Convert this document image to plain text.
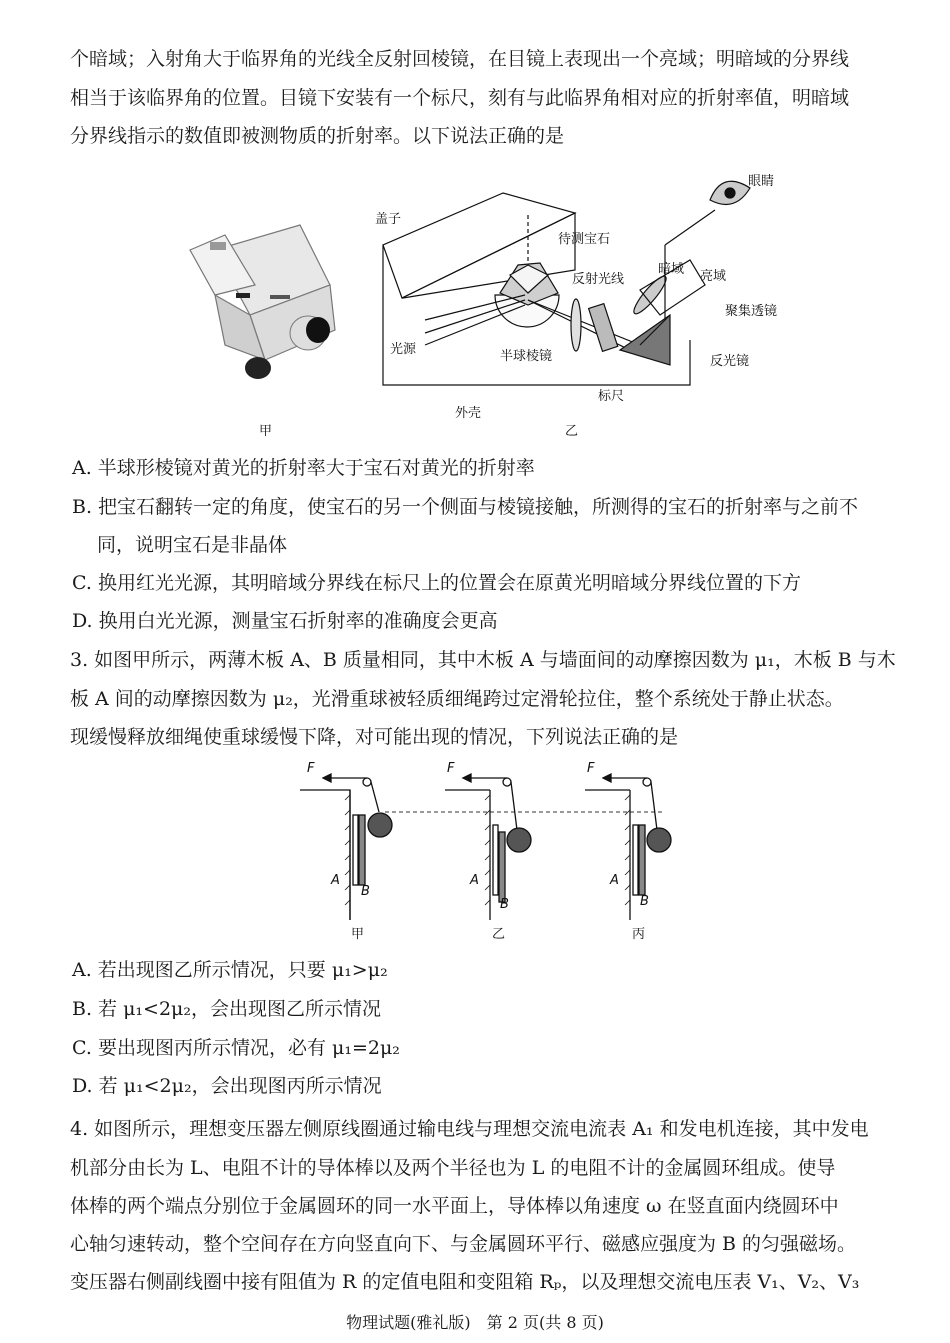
个暗域；入射角大于临界角的光线全反射回棱镜，在目镜上表现出一个亮域；明暗域的分界线
相当于该临界角的位置。目镜下安装有一个标尺，刻有与此临界角相对应的折射率值，明暗域
分界线指示的数值即被测物质的折射率。以下说法正确的是
甲
盖子
待测宝石
反射光线
暗域 亮域
眼睛
聚集透镜
光源	半球棱镜	反光镜
标尺
外壳
乙
A. 半球形棱镜对黄光的折射率大于宝石对黄光的折射率
B. 把宝石翻转一定的角度，使宝石的另一个侧面与棱镜接触，所测得的宝石的折射率与之前不
同，说明宝石是非晶体
C. 换用红光光源，其明暗域分界线在标尺上的位置会在原黄光明暗域分界线位置的下方
D. 换用白光光源，测量宝石折射率的准确度会更高
3. 如图甲所示，两薄木板 A、B 质量相同，其中木板 A 与墙面间的动摩擦因数为 μ₁，木板 B 与木
板 A 间的动摩擦因数为 μ₂，光滑重球被轻质细绳跨过定滑轮拉住，整个系统处于静止状态。
现缓慢释放细绳使重球缓慢下降，对可能出现的情况，下列说法正确的是
F
A
B
甲
F
A
B
乙
F
A
B
丙
A. 若出现图乙所示情况，只要 μ₁>μ₂
B. 若 μ₁<2μ₂，会出现图乙所示情况
C. 要出现图丙所示情况，必有 μ₁=2μ₂
D. 若 μ₁<2μ₂，会出现图丙所示情况
4. 如图所示，理想变压器左侧原线圈通过输电线与理想交流电流表 A₁ 和发电机连接，其中发电
机部分由长为 L、电阻不计的导体棒以及两个半径也为 L 的电阻不计的金属圆环组成。使导
体棒的两个端点分别位于金属圆环的同一水平面上，导体棒以角速度 ω 在竖直面内绕圆环中
心轴匀速转动，整个空间存在方向竖直向下、与金属圆环平行、磁感应强度为 B 的匀强磁场。
变压器右侧副线圈中接有阻值为 R 的定值电阻和变阻箱 Rₚ，以及理想交流电压表 V₁、V₂、V₃
物理试题(雅礼版)　第 2 页(共 8 页)
